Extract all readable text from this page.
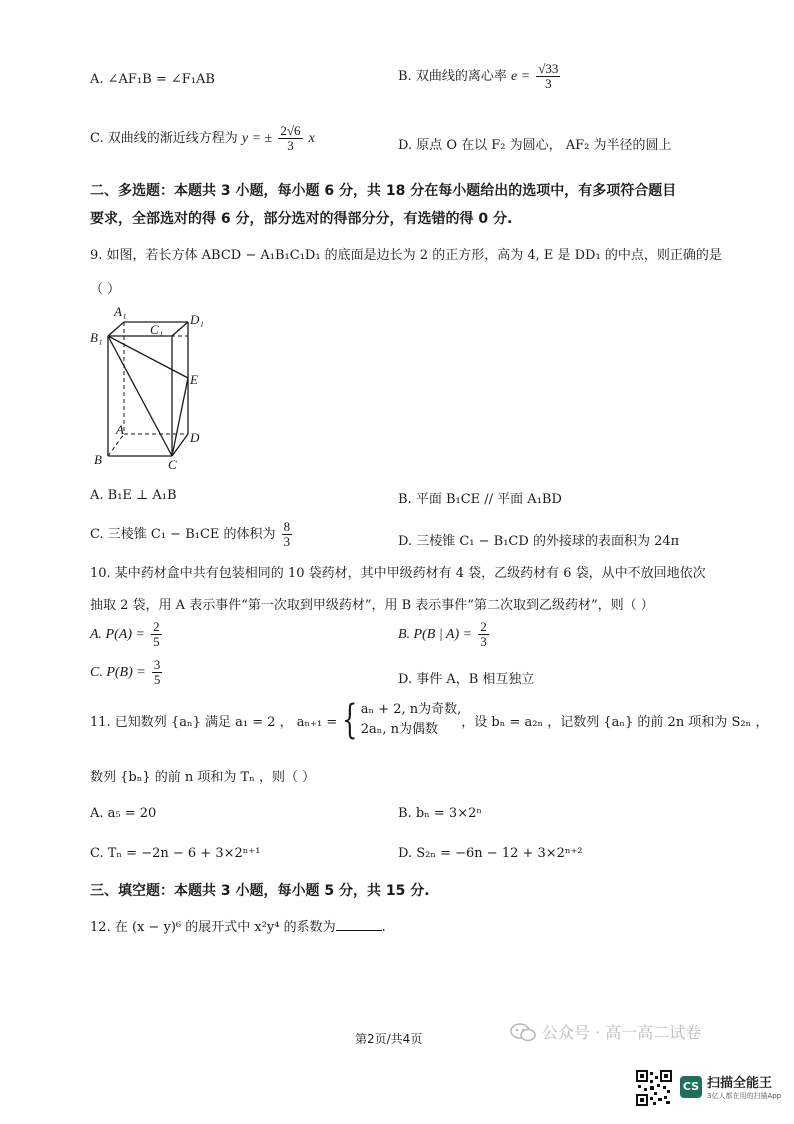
A. ∠AF₁B = ∠F₁AB	B. 双曲线的离心率 $e = \frac{√33}{3}$
C. 双曲线的渐近线方程为 y = ± $\frac{2√6}{3}$ x	D. 原点 O 在以 F₂ 为圆心， AF₂ 为半径的圆上
二、多选题：本题共 3 小题，每小题 6 分，共 18 分在每小题给出的选项中，有多项符合题目
要求，全部选对的得 6 分，部分选对的得部分分，有选错的得 0 分.
9. 如图，若长方体 ABCD − A₁B₁C₁D₁ 的底面是边长为 2 的正方形，高为 4, E 是 DD₁ 的中点，则正确的是
（ ）
A₁
D₁
C₁
B₁
E
A
D
B	C
A. B₁E ⊥ A₁B	B. 平面 B₁CE // 平面 A₁BD
C. 三棱锥 C₁ − B₁CE 的体积为 $\frac{8}{3}$	D. 三棱锥 C₁ − B₁CD 的外接球的表面积为 24π
10. 某中药材盒中共有包装相同的 10 袋药材，其中甲级药材有 4 袋，乙级药材有 6 袋，从中不放回地依次
抽取 2 袋，用 A 表示事件“第一次取到甲级药材”，用 B 表示事件“第二次取到乙级药材”，则（ ）
A. $P(A) = \frac{2}{5}$	B. P(B | $A) = \frac{2}{3}$
C. $P(B) = \frac{3}{5}$	D. 事件 A，B 相互独立
11. 已知数列 {aₙ} 满足 a₁ = 2 ， aₙ₊₁ = { aₙ + 2, n为奇数,
2aₙ, n为偶数	，设 bₙ = a₂ₙ ，记数列 {aₙ} 的前 2n 项和为 S₂ₙ ，
数列 {bₙ} 的前 n 项和为 Tₙ ，则（ ）
A. a₅ = 20	B. bₙ = 3×2ⁿ
C. Tₙ = −2n − 6 + 3×2ⁿ⁺¹	D. S₂ₙ = −6n − 12 + 3×2ⁿ⁺²
三、填空题：本题共 3 小题，每小题 5 分，共 15 分.
12. 在 (x − y)⁶ 的展开式中 x²y⁴ 的系数为	.
第2页/共4页	公众号 · 高一高二试卷
CS 扫描全能王
3亿人都在用的扫描App
